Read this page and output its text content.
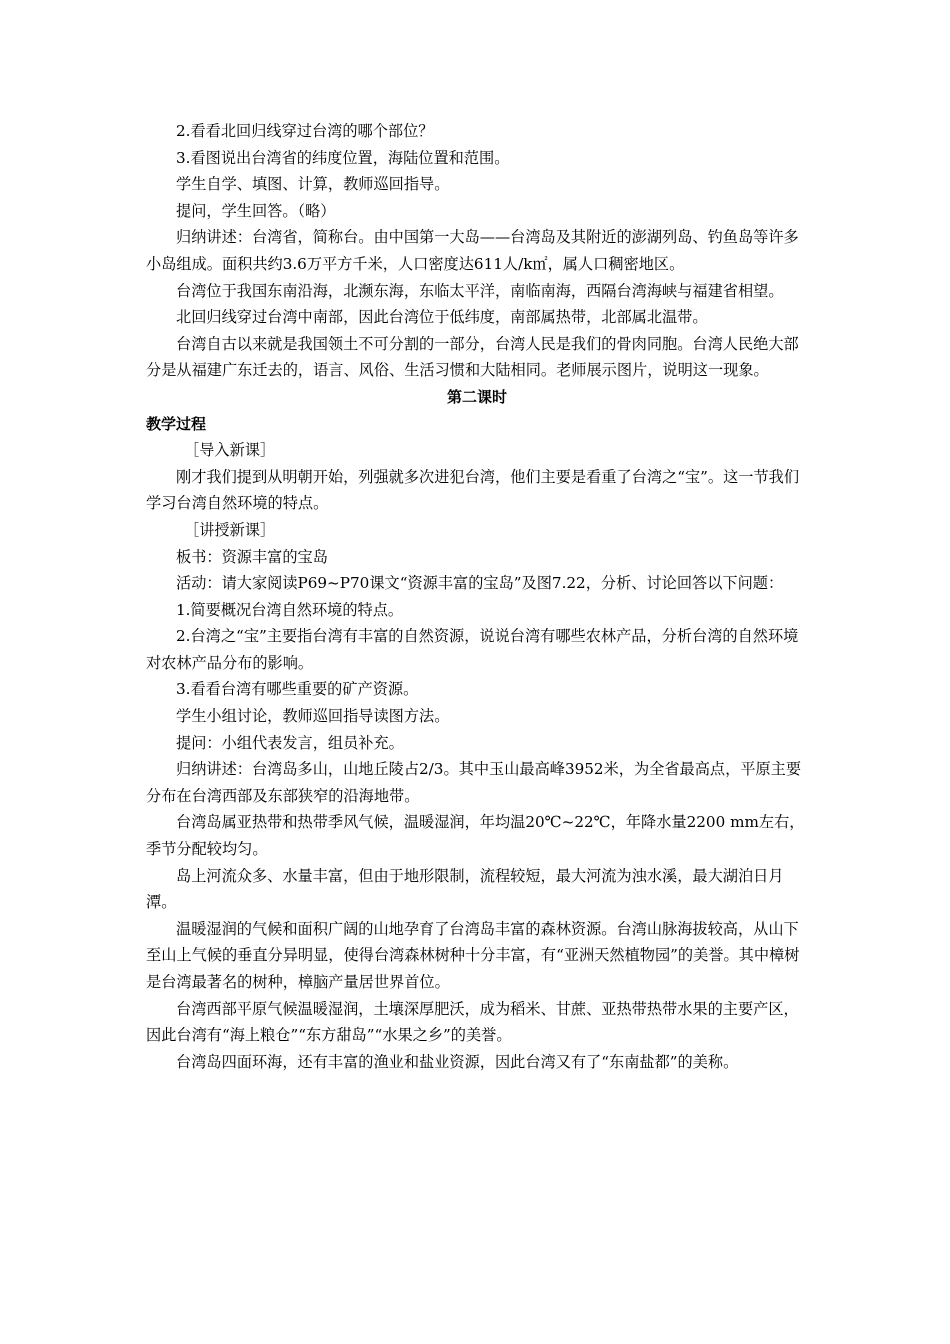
2.看看北回归线穿过台湾的哪个部位？

3.看图说出台湾省的纬度位置，海陆位置和范围。

学生自学、填图、计算，教师巡回指导。

提问，学生回答。（略）

归纳讲述：台湾省，简称台。由中国第一大岛——台湾岛及其附近的澎湖列岛、钓鱼岛等许多小岛组成。面积共约3.6万平方千米，人口密度达611人/k㎡，属人口稠密地区。

台湾位于我国东南沿海，北濒东海，东临太平洋，南临南海，西隔台湾海峡与福建省相望。

北回归线穿过台湾中南部，因此台湾位于低纬度，南部属热带，北部属北温带。

台湾自古以来就是我国领土不可分割的一部分，台湾人民是我们的骨肉同胞。台湾人民绝大部分是从福建广东迁去的，语言、风俗、生活习惯和大陆相同。老师展示图片，说明这一现象。

第二课时

教学过程

［导入新课］

刚才我们提到从明朝开始，列强就多次进犯台湾，他们主要是看重了台湾之“宝”。这一节我们学习台湾自然环境的特点。

［讲授新课］

板书：资源丰富的宝岛

活动：请大家阅读P69~P70课文“资源丰富的宝岛”及图7.22，分析、讨论回答以下问题：

1.简要概况台湾自然环境的特点。

2.台湾之“宝”主要指台湾有丰富的自然资源，说说台湾有哪些农林产品，分析台湾的自然环境对农林产品分布的影响。

3.看看台湾有哪些重要的矿产资源。

学生小组讨论，教师巡回指导读图方法。

提问：小组代表发言，组员补充。

归纳讲述：台湾岛多山，山地丘陵占2/3。其中玉山最高峰3952米，为全省最高点，平原主要分布在台湾西部及东部狭窄的沿海地带。

台湾岛属亚热带和热带季风气候，温暖湿润，年均温20℃~22℃，年降水量2200 mm左右，季节分配较均匀。

岛上河流众多、水量丰富，但由于地形限制，流程较短，最大河流为浊水溪，最大湖泊日月潭。

温暖湿润的气候和面积广阔的山地孕育了台湾岛丰富的森林资源。台湾山脉海拔较高，从山下至山上气候的垂直分异明显，使得台湾森林树种十分丰富，有“亚洲天然植物园”的美誉。其中樟树是台湾最著名的树种，樟脑产量居世界首位。

台湾西部平原气候温暖湿润，土壤深厚肥沃，成为稻米、甘蔗、亚热带热带水果的主要产区，因此台湾有“海上粮仓”“东方甜岛”“水果之乡”的美誉。

台湾岛四面环海，还有丰富的渔业和盐业资源，因此台湾又有了“东南盐都”的美称。
